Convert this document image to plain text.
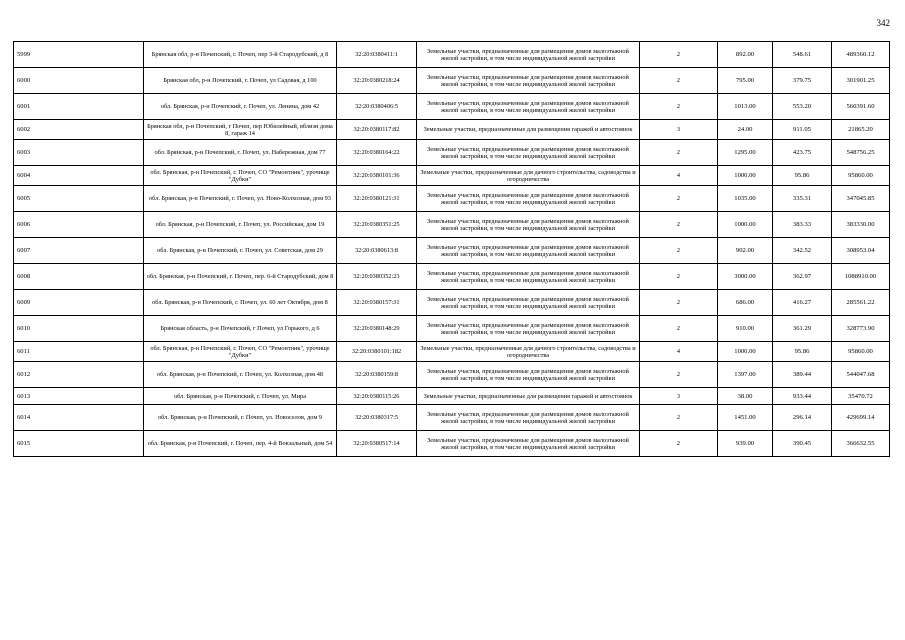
342
5999	Брянская обл, р-н Почепский, г. Почеп, пер 3-й Стародубский, д 8	32:20:0380411:1	Земельные участки, предназначенные для размещения домов малоэтажной жилой застройки, в том числе индивидуальной жилой застройки	2	892.00	548.61	489360.12
6000	Брянская обл, р-н Почепский, г. Почеп, ул Садовая, д 100	32:20:0380218:24	Земельные участки, предназначенные для размещения домов малоэтажной жилой застройки, в том числе индивидуальной жилой застройки	2	795.00	379.75	301901.25
6001	обл. Брянская, р-н Почепский, г. Почеп, ул. Ленина, дом 42	32:20:0380406:5	Земельные участки, предназначенные для размещения домов малоэтажной жилой застройки, в том числе индивидуальной жилой застройки	2	1013.00	553.20	560391.60
6002	Брянская обл, р-н Почепский, г Почеп, пер Юбилейный, вблизи дома 8, гараж 14	32:20:0380117:82	Земельные участки, предназначенные для размещения гаражей и автостоянок	3	24.00	911.05	21865.20
6003	обл. Брянская, р-н Почепский, г. Почеп, ул. Набережная, дом 77	32:20:0380164:22	Земельные участки, предназначенные для размещения домов малоэтажной жилой застройки, в том числе индивидуальной жилой застройки	2	1295.00	423.75	548756.25
6004	обл. Брянская, р-н Почепский, г. Почеп, СО "Ремонтник", урочище "Дубки"	32:20:0380101:36	Земельные участки, предназначенные для дачного строительства, садоводства и огородничества	4	1000.00	95.86	95860.00
6005	обл. Брянская, р-н Почепский, г. Почеп, ул. Ново-Колхозная, дом 93	32:20:0380121:31	Земельные участки, предназначенные для размещения домов малоэтажной жилой застройки, в том числе индивидуальной жилой застройки	2	1035.00	335.31	347045.85
6006	обл. Брянская, р-н Почепский, г. Почеп, ул. Российская, дом 19	32:20:0380351:25	Земельные участки, предназначенные для размещения домов малоэтажной жилой застройки, в том числе индивидуальной жилой застройки	2	1000.00	383.33	383330.00
6007	обл. Брянская, р-н Почепский, г. Почеп, ул. Советская, дом 29	32:20:0380613:8	Земельные участки, предназначенные для размещения домов малоэтажной жилой застройки, в том числе индивидуальной жилой застройки	2	902.00	342.52	308953.04
6008	обл. Брянская, р-н Почепский, г. Почеп, пер. 6-й Стародубский, дом 8	32:20:0380352:23	Земельные участки, предназначенные для размещения домов малоэтажной жилой застройки, в том числе индивидуальной жилой застройки	2	3000.00	362.97	1088910.00
6009	обл. Брянская, р-н Почепский, г. Почеп, ул. 60 лет Октября, дом 8	32:20:0380157:31	Земельные участки, предназначенные для размещения домов малоэтажной жилой застройки, в том числе индивидуальной жилой застройки	2	686.00	416.27	285561.22
6010	Брянская область, р-н Почепский, г Почеп, ул Горького, д 6	32:20:0380148:29	Земельные участки, предназначенные для размещения домов малоэтажной жилой застройки, в том числе индивидуальной жилой застройки	2	910.00	361.29	328773.90
6011	обл. Брянская, р-н Почепский, г. Почеп, СО "Ремонтник", урочище "Дубки"	32:20:0380101:182	Земельные участки, предназначенные для дачного строительства, садоводства и огородничества	4	1000.00	95.86	95860.00
6012	обл. Брянская, р-н Почепский, г. Почеп, ул. Колхозная, дом 48	32:20:0380159:8	Земельные участки, предназначенные для размещения домов малоэтажной жилой застройки, в том числе индивидуальной жилой застройки	2	1397.00	389.44	544047.68
6013	обл. Брянская, р-н Почепский, г. Почеп, ул. Мира	32:20:0380115:26	Земельные участки, предназначенные для размещения гаражей и автостоянок	3	38.00	933.44	35470.72
6014	обл. Брянская, р-н Почепский, г. Почеп, ул. Новоселов, дом 9	32:20:0380317:5	Земельные участки, предназначенные для размещения домов малоэтажной жилой застройки, в том числе индивидуальной жилой застройки	2	1451.00	296.14	429699.14
6015	обл. Брянская, р-н Почепский, г. Почеп, пер. 4-й Вокзальный, дом 54	32:20:0380517:14	Земельные участки, предназначенные для размещения домов малоэтажной жилой застройки, в том числе индивидуальной жилой застройки	2	939.00	390.45	366632.55
